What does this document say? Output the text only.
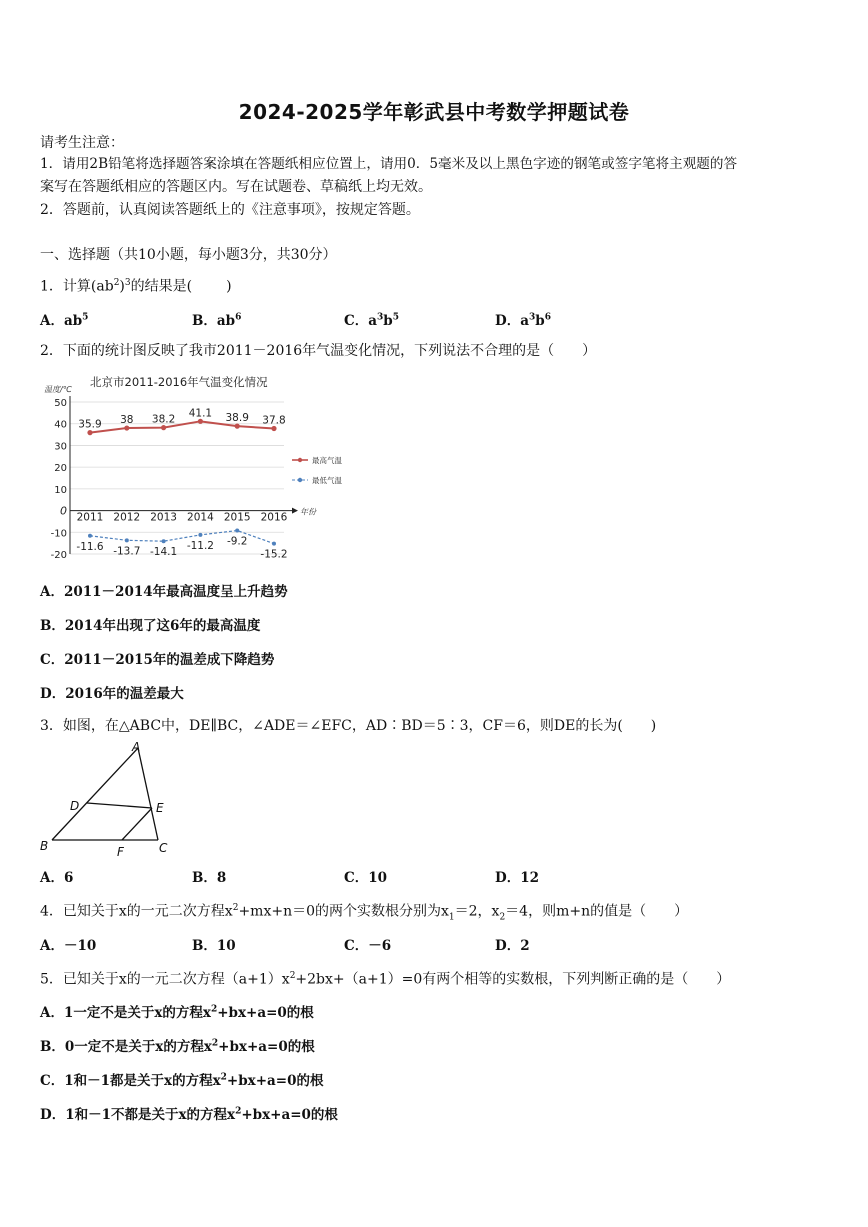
2024-2025学年彰武县中考数学押题试卷
请考生注意：
1．请用2B铅笔将选择题答案涂填在答题纸相应位置上，请用0．5毫米及以上黑色字迹的钢笔或签字笔将主观题的答
案写在答题纸相应的答题区内。写在试题卷、草稿纸上均无效。
2．答题前，认真阅读答题纸上的《注意事项》，按规定答题。
一、选择题（共10小题，每小题3分，共30分）
1．计算$(ab^2)^3$的结果是( )
A．$ab^5$	B．$ab^6$	C．$a^3b^5$	D．$a^3b^6$
2．下面的统计图反映了我市2011－2016年气温变化情况，下列说法不合理的是（　　）
北京市2011-2016年气温变化情况
温度/℃
50
40
30
20
10
0
-10
-20
年份
2011 2012 2013 2014 2015 2016
35.9 38 38.2
41.1 38.9 37.8
-11.6 -13.7 -14.1
-11.2 -9.2
-15.2
最高气温
最低气温
A．2011－2014年最高温度呈上升趋势
B．2014年出现了这6年的最高温度
C．2011－2015年的温差成下降趋势
D．2016年的温差最大
3．如图，在△ABC中，DE∥BC，∠ADE＝∠EFC，AD∶BD＝5∶3，CF＝6，则DE的长为(　　)
A
B	C
D	E
F
A．6	B．8	C．10	D．12
4．已知关于x的一元二次方程$x^2+mx+n=0$的两个实数根分别为$x_1=2$，$x_2=4$，则m+n的值是（　　）
A．－10	B．10	C．－6	D．2
5．已知关于x的一元二次方程$(a+1)x^2+2bx+(a+1)=0$有两个相等的实数根，下列判断正确的是（　　）
A．1一定不是关于x的方程$x^2+bx+a=0$的根
B．0一定不是关于x的方程$x^2+bx+a=0$的根
C．1和－1都是关于x的方程$x^2+bx+a=0$的根
D．1和－1不都是关于x的方程$x^2+bx+a=0$的根
